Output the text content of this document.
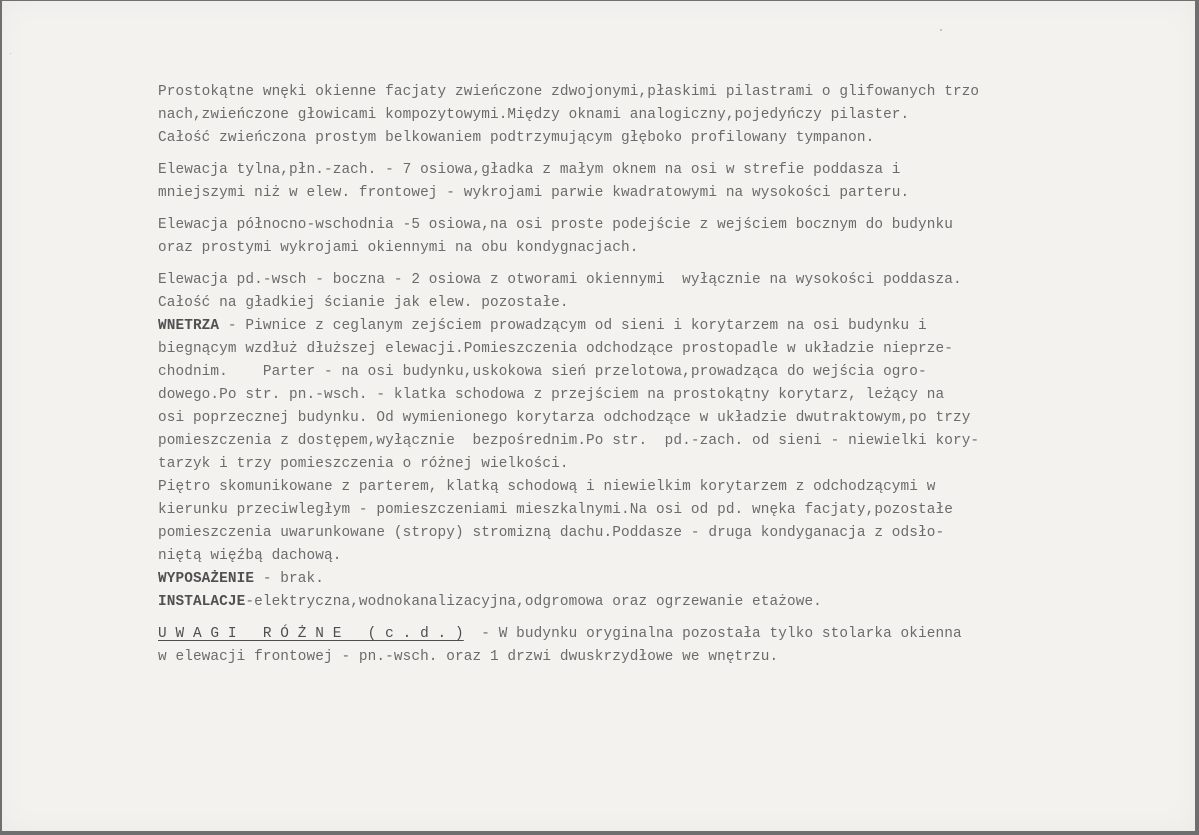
Prostokątne wnęki okienne facjaty zwieńczone zdwojonymi,płaskimi pilastrami o glifowanych trzo
nach,zwieńczone głowicami kompozytowymi.Między oknami analogiczny,pojedyńczy pilaster.
Całość zwieńczona prostym belkowaniem podtrzymującym głęboko profilowany tympanon.
Elewacja tylna,płn.-zach. - 7 osiowa,gładka z małym oknem na osi w strefie poddasza i
mniejszymi niż w elew. frontowej - wykrojami parwie kwadratowymi na wysokości parteru.
Elewacja północno-wschodnia -5 osiowa,na osi proste podejście z wejściem bocznym do budynku
oraz prostymi wykrojami okiennymi na obu kondygnacjach.
Elewacja pd.-wsch - boczna - 2 osiowa z otworami okiennymi  wyłącznie na wysokości poddasza.
Całość na gładkiej ścianie jak elew. pozostałe.
WNETRZA - Piwnice z ceglanym zejściem prowadzącym od sieni i korytarzem na osi budynku i
biegnącym wzdłuż dłuższej elewacji.Pomieszczenia odchodzące prostopadle w układzie nieprze-
chodnim.    Parter - na osi budynku,uskokowa sień przelotowa,prowadząca do wejścia ogro-
dowego.Po str. pn.-wsch. - klatka schodowa z przejściem na prostokątny korytarz, leżący na
osi poprzecznej budynku. Od wymienionego korytarza odchodzące w układzie dwutraktowym,po trzy
pomieszczenia z dostępem,wyłącznie  bezpośrednim.Po str.  pd.-zach. od sieni - niewielki kory-
tarzyk i trzy pomieszczenia o różnej wielkości.
Piętro skomunikowane z parterem, klatką schodową i niewielkim korytarzem z odchodzącymi w
kierunku przeciwległym - pomieszczeniami mieszkalnymi.Na osi od pd. wnęka facjaty,pozostałe
pomieszczenia uwarunkowane (stropy) stromizną dachu.Poddasze - druga kondyganacja z odsło-
niętą więźbą dachową.
WYPOSAŻENIE - brak.
INSTALACJE-elektryczna,wodnokanalizacyjna,odgromowa oraz ogrzewanie etażowe.
U W A G I   R Ó Ż N E   ( c . d . )  - W budynku oryginalna pozostała tylko stolarka okienna
w elewacji frontowej - pn.-wsch. oraz 1 drzwi dwuskrzydłowe we wnętrzu.
